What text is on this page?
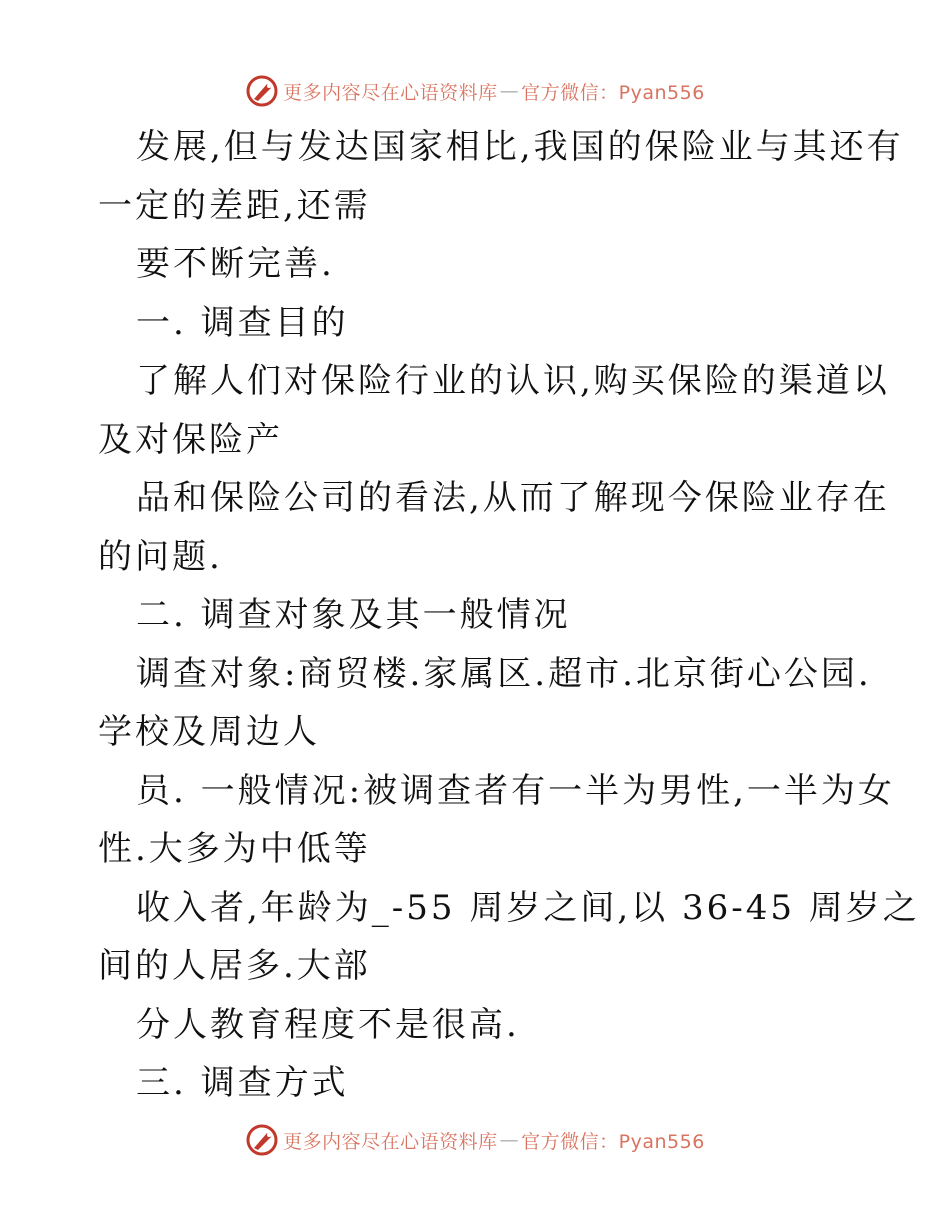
更多内容尽在心语资料库 — 官方微信：Pyan556
发展,但与发达国家相比,我国的保险业与其还有
一定的差距,还需
要不断完善.
一. 调查目的
了解人们对保险行业的认识,购买保险的渠道以
及对保险产
品和保险公司的看法,从而了解现今保险业存在
的问题.
二. 调查对象及其一般情况
调查对象:商贸楼.家属区.超市.北京街心公园.
学校及周边人
员. 一般情况:被调查者有一半为男性,一半为女
性.大多为中低等
收入者,年龄为_-55 周岁之间,以 36-45 周岁之
间的人居多.大部
分人教育程度不是很高.
三. 调查方式
更多内容尽在心语资料库 — 官方微信：Pyan556
